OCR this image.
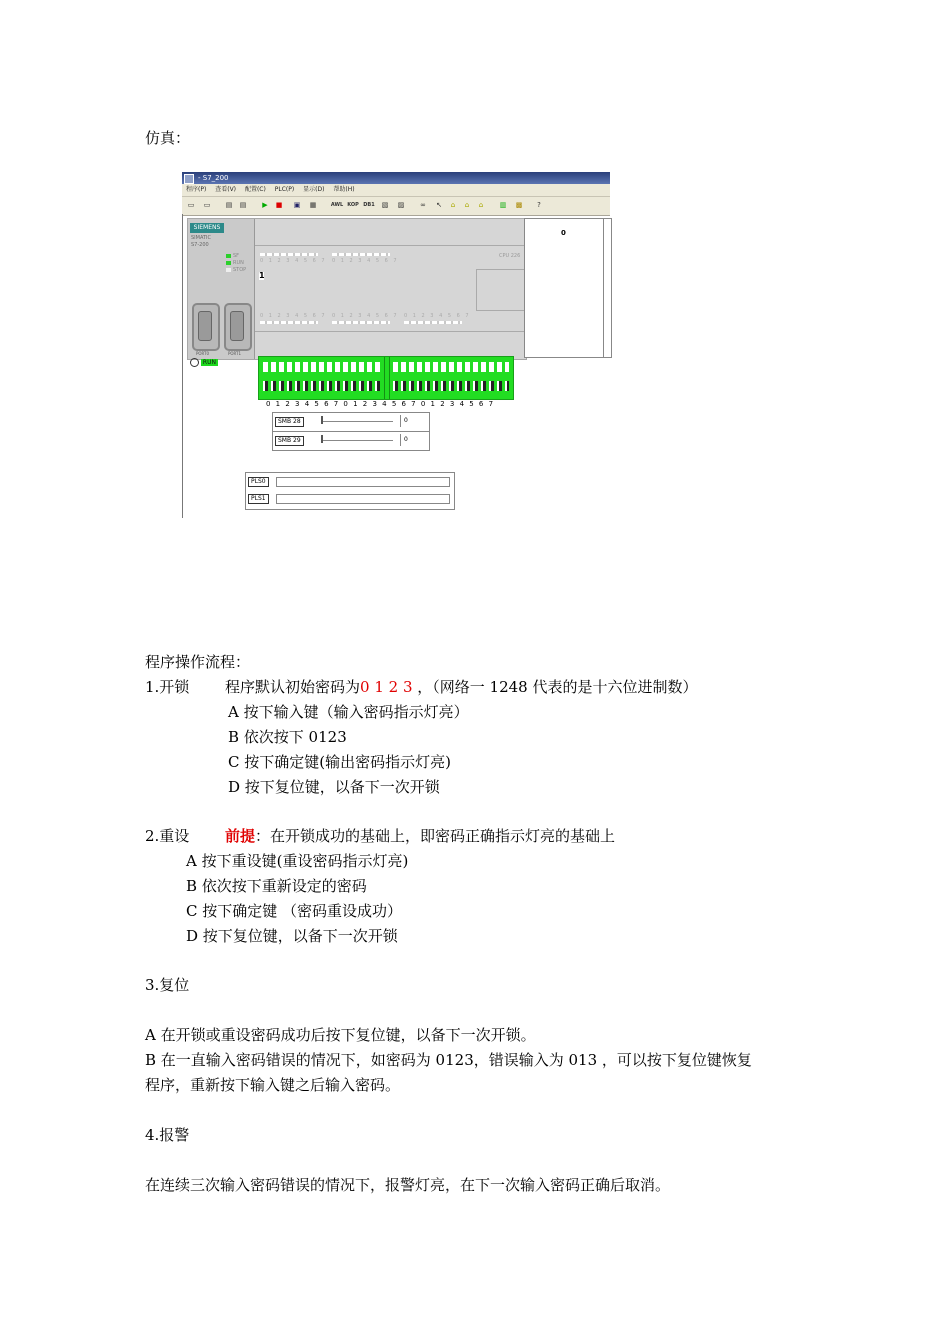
仿真：
- S7_200
程序(P) 查看(V) 配置(C) PLC(P) 显示(D) 帮助(H)
▭ ▭ ▤ ▤	▶	■ ▣ ▦	AWL KOP DB1 ▧ ▨ ∞ ↖	⌂	⌂	⌂	▥ ▩	?
SIEMENS
SIMATIC
S7-200
SF
RUN
STOP
PORT0	PORT1
0 1 2 3 4 5 6 7 0 1 2 3 4 5 6 7
CPU 226
1
0 1 2 3 4 5 6 7 0 1 2 3 4 5 6 7 0 1 2 3 4 5 6 7
0
RUN
0 1 2 3 4 5 6 7 0 1 2 3 4 5 6 7 0 1 2 3 4 5 6 7
SMB 28	0
SMB 29	0
PLS0
PLS1
程序操作流程：
1.开锁 程序默认初始密码为0 1 2 3 ，（网络一 1248 代表的是十六位进制数）
A 按下输入键（输入密码指示灯亮）
B 依次按下 0123
C 按下确定键(输出密码指示灯亮)
D 按下复位键，以备下一次开锁
2.重设 前提：在开锁成功的基础上，即密码正确指示灯亮的基础上
A 按下重设键(重设密码指示灯亮)
B 依次按下重新设定的密码
C 按下确定键 （密码重设成功）
D 按下复位键，以备下一次开锁
3.复位
A 在开锁或重设密码成功后按下复位键，以备下一次开锁。
B 在一直输入密码错误的情况下，如密码为 0123，错误输入为 013 ，可以按下复位键恢复
程序，重新按下输入键之后输入密码。
4.报警
在连续三次输入密码错误的情况下，报警灯亮，在下一次输入密码正确后取消。
